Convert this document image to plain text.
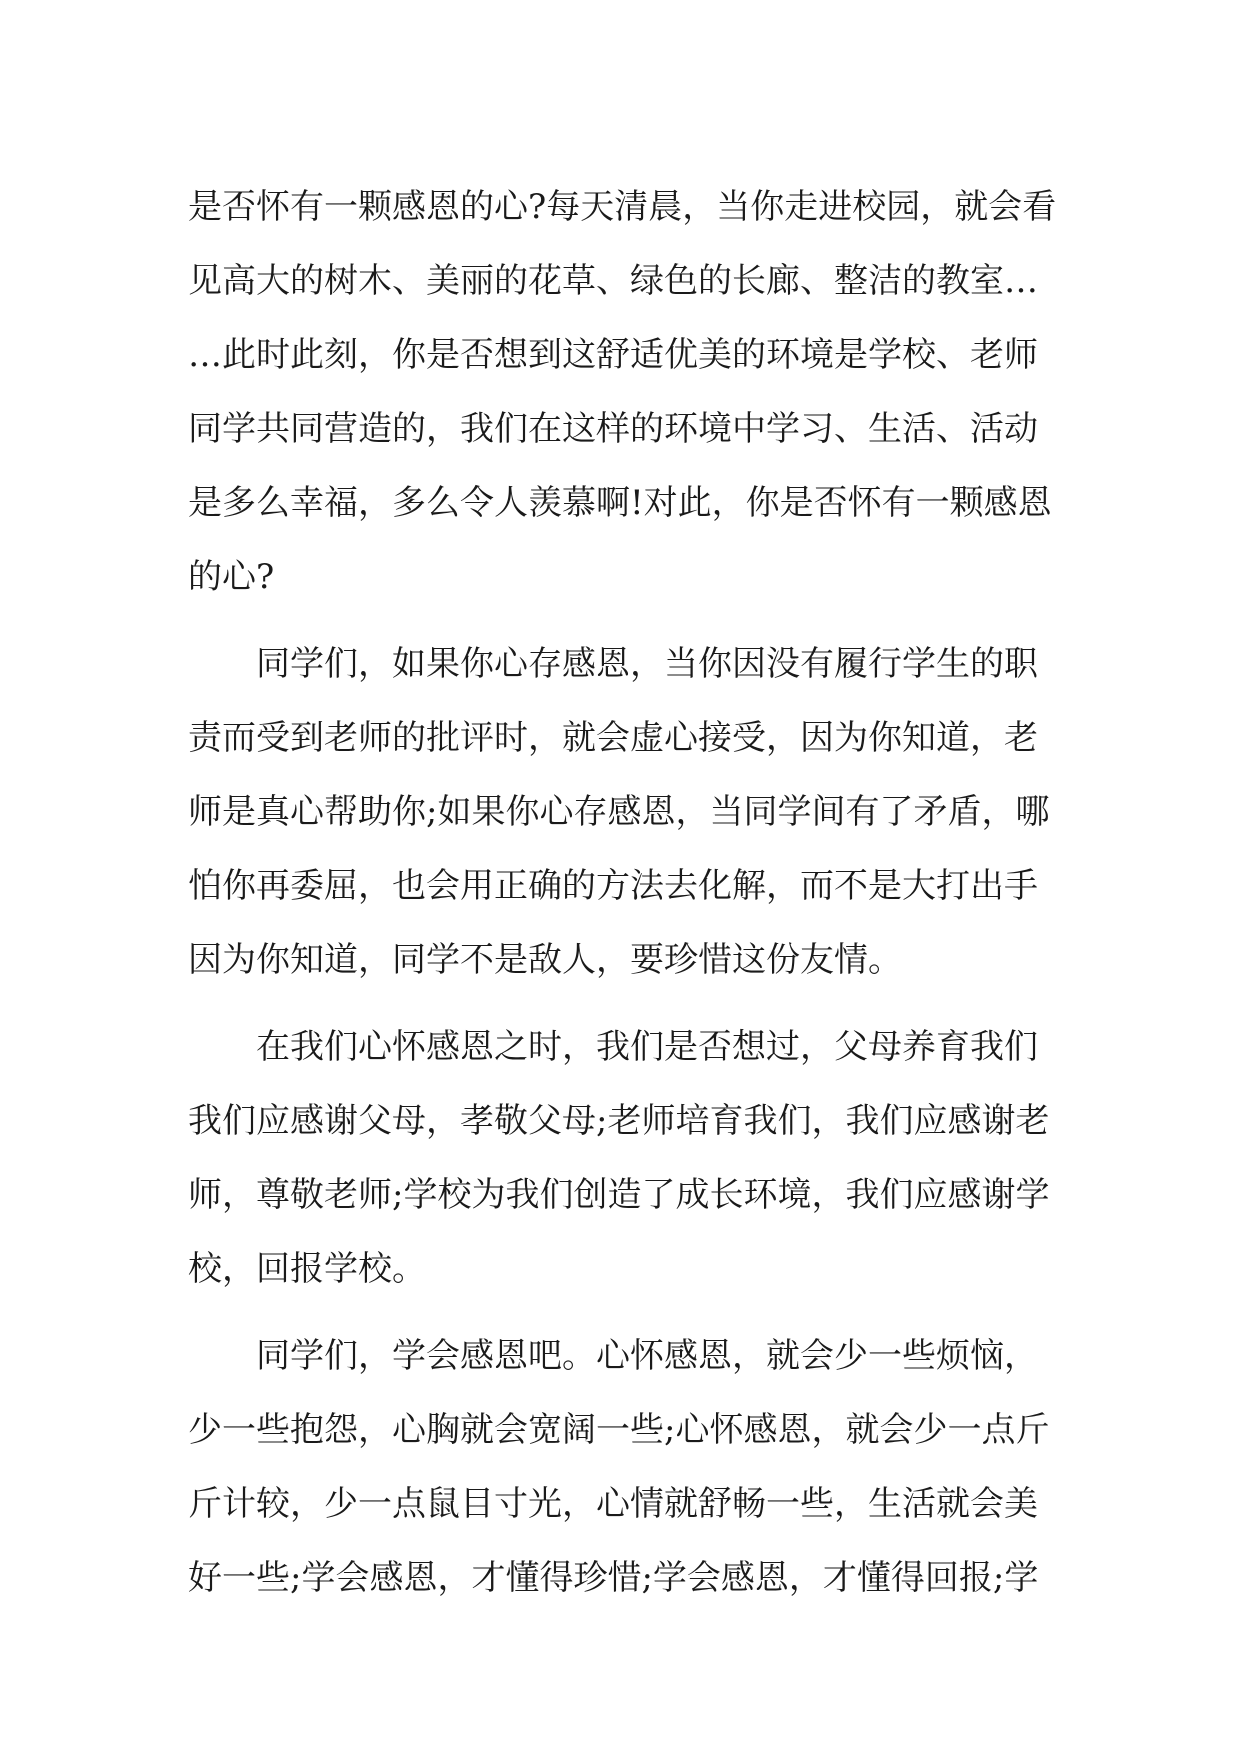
是否怀有一颗感恩的心?每天清晨，当你走进校园，就会看
见高大的树木、美丽的花草、绿色的长廊、整洁的教室…
…此时此刻，你是否想到这舒适优美的环境是学校、老师
同学共同营造的，我们在这样的环境中学习、生活、活动
是多么幸福，多么令人羡慕啊!对此，你是否怀有一颗感恩
的心?
同学们，如果你心存感恩，当你因没有履行学生的职
责而受到老师的批评时，就会虚心接受，因为你知道，老
师是真心帮助你;如果你心存感恩，当同学间有了矛盾，哪
怕你再委屈，也会用正确的方法去化解，而不是大打出手
因为你知道，同学不是敌人，要珍惜这份友情。
在我们心怀感恩之时，我们是否想过，父母养育我们
我们应感谢父母，孝敬父母;老师培育我们，我们应感谢老
师，尊敬老师;学校为我们创造了成长环境，我们应感谢学
校，回报学校。
同学们，学会感恩吧。心怀感恩，就会少一些烦恼，
少一些抱怨，心胸就会宽阔一些;心怀感恩，就会少一点斤
斤计较，少一点鼠目寸光，心情就舒畅一些，生活就会美
好一些;学会感恩，才懂得珍惜;学会感恩，才懂得回报;学
